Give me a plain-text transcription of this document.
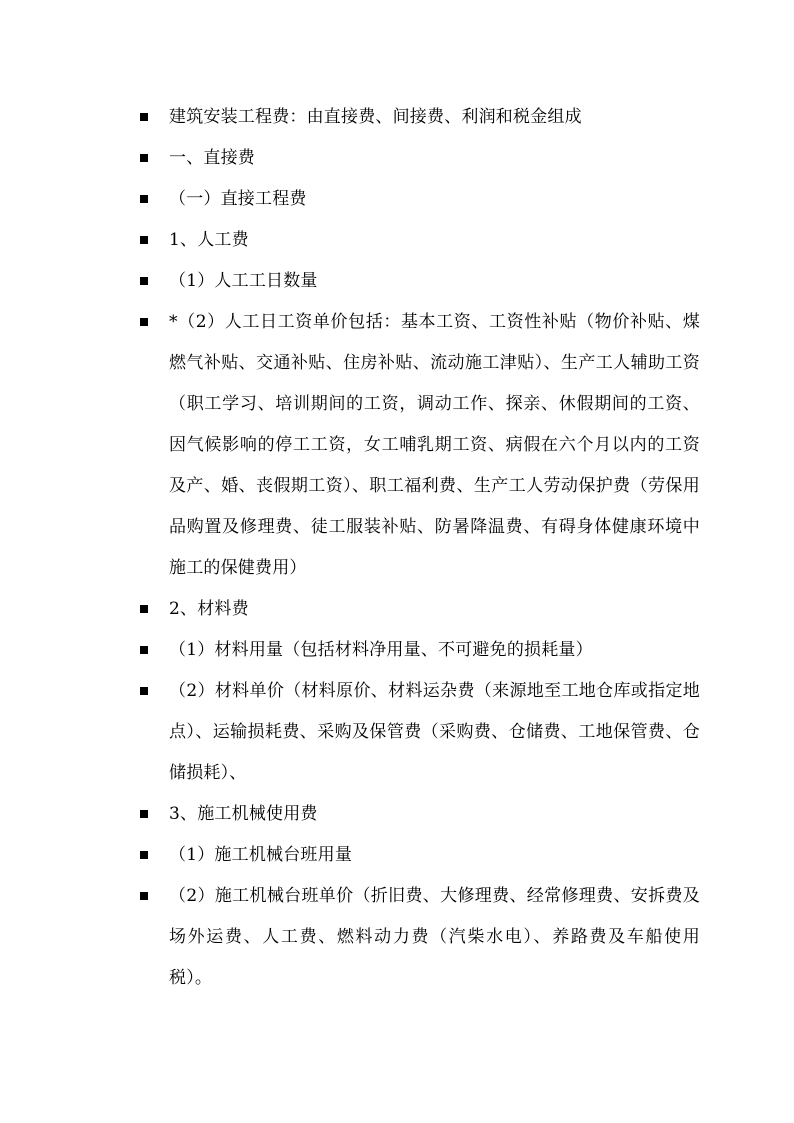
建筑安装工程费：由直接费、间接费、利润和税金组成
一、直接费
（一）直接工程费
1、人工费
（1）人工工日数量
*（2）人工日工资单价包括：基本工资、工资性补贴（物价补贴、煤燃气补贴、交通补贴、住房补贴、流动施工津贴）、生产工人辅助工资（职工学习、培训期间的工资，调动工作、探亲、休假期间的工资、因气候影响的停工工资，女工哺乳期工资、病假在六个月以内的工资及产、婚、丧假期工资）、职工福利费、生产工人劳动保护费（劳保用品购置及修理费、徒工服装补贴、防暑降温费、有碍身体健康环境中施工的保健费用）
2、材料费
（1）材料用量（包括材料净用量、不可避免的损耗量）
（2）材料单价（材料原价、材料运杂费（来源地至工地仓库或指定地点）、运输损耗费、采购及保管费（采购费、仓储费、工地保管费、仓储损耗）、
3、施工机械使用费
（1）施工机械台班用量
（2）施工机械台班单价（折旧费、大修理费、经常修理费、安拆费及场外运费、人工费、燃料动力费（汽柴水电）、养路费及车船使用税）。
